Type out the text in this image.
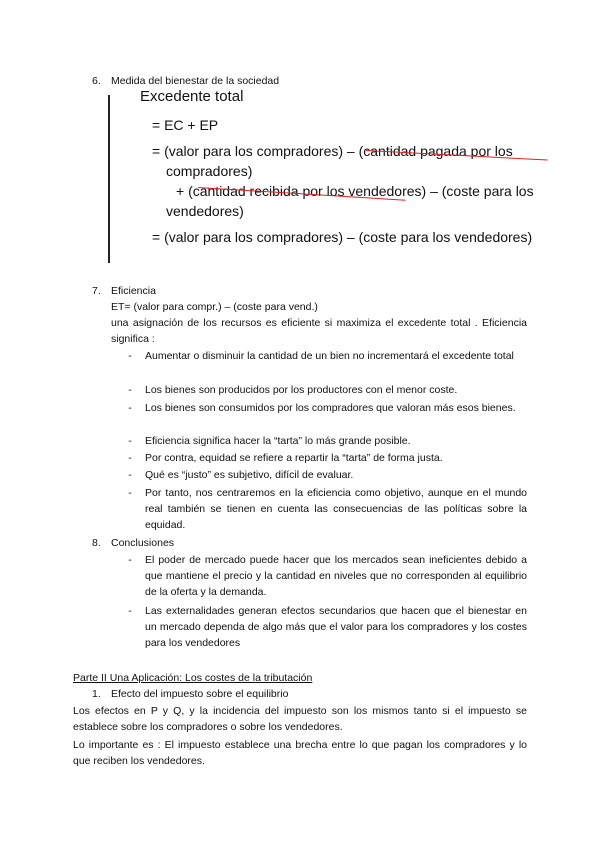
6. Medida del bienestar de la sociedad
Excedente total
= EC + EP
= (valor para los compradores) – (cantidad pagada por los
compradores)
+ (cantidad recibida por los vendedores) – (coste para los
vendedores)
= (valor para los compradores) – (coste para los vendedores)
7. Eficiencia
ET= (valor para compr.) – (coste para vend.)
una asignación de los recursos es eficiente si maximiza el excedente total . Eficiencia significa :
- Aumentar o disminuir la cantidad de un bien no incrementará el excedente total
- Los bienes son producidos por los productores con el menor coste.
- Los bienes son consumidos por los compradores que valoran más esos bienes.
- Eficiencia significa hacer la “tarta” lo más grande posible.
- Por contra, equidad se refiere a repartir la “tarta” de forma justa.
- Qué es “justo” es subjetivo, difícil de evaluar.
- Por tanto, nos centraremos en la eficiencia como objetivo, aunque en el mundo real también se tienen en cuenta las consecuencias de las políticas sobre la equidad.
8. Conclusiones
- El poder de mercado puede hacer que los mercados sean ineficientes debido a que mantiene el precio y la cantidad en niveles que no corresponden al equilibrio de la oferta y la demanda.
- Las externalidades generan efectos secundarios que hacen que el bienestar en un mercado dependa de algo más que el valor para los compradores y los costes para los vendedores
Parte II Una Aplicación: Los costes de la tributación
1. Efecto del impuesto sobre el equilibrio
Los efectos en P y Q, y la incidencia del impuesto son los mismos tanto si el impuesto se establece sobre los compradores o sobre los vendedores.
Lo importante es : El impuesto establece una brecha entre lo que pagan los compradores y lo que reciben los vendedores.
